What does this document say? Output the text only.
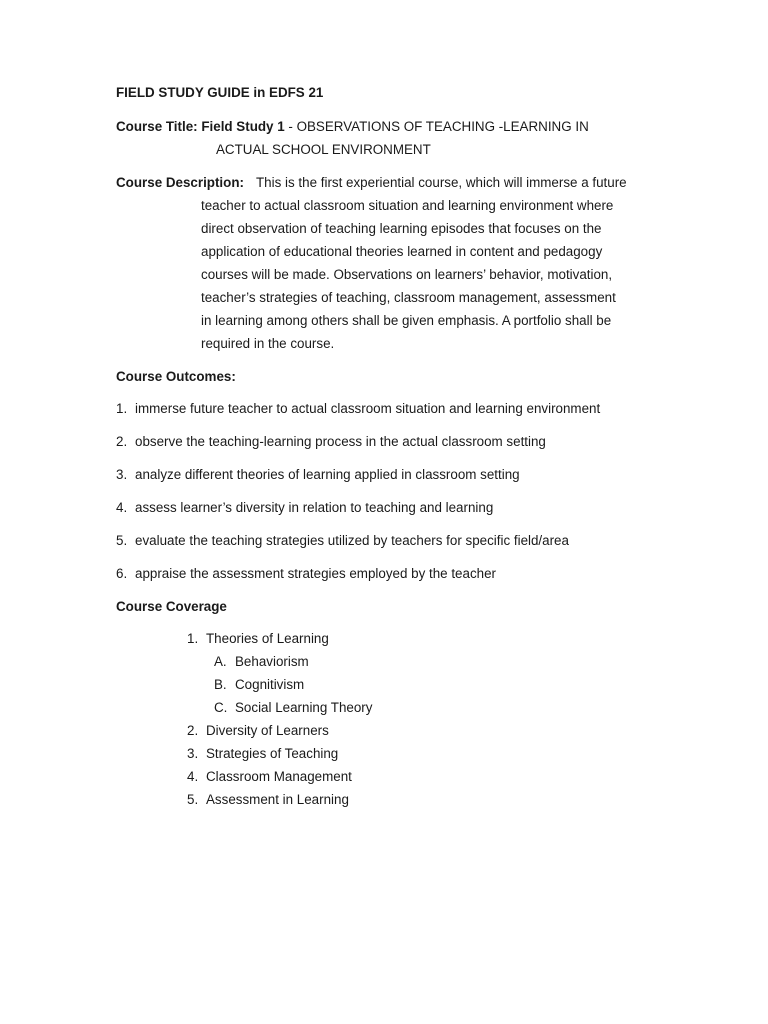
FIELD STUDY GUIDE in EDFS 21
Course Title: Field Study 1 - OBSERVATIONS OF TEACHING -LEARNING IN
ACTUAL SCHOOL ENVIRONMENT
Course Description: This is the first experiential course, which will immerse a future
teacher to actual classroom situation and learning environment where
direct observation of teaching learning episodes that focuses on the
application of educational theories learned in content and pedagogy
courses will be made. Observations on learners’ behavior, motivation,
teacher’s strategies of teaching, classroom management, assessment
in learning among others shall be given emphasis. A portfolio shall be
required in the course.
Course Outcomes:
1. immerse future teacher to actual classroom situation and learning environment
2. observe the teaching-learning process in the actual classroom setting
3. analyze different theories of learning applied in classroom setting
4. assess learner’s diversity in relation to teaching and learning
5. evaluate the teaching strategies utilized by teachers for specific field/area
6. appraise the assessment strategies employed by the teacher
Course Coverage
1. Theories of Learning
A. Behaviorism
B. Cognitivism
C. Social Learning Theory
2. Diversity of Learners
3. Strategies of Teaching
4. Classroom Management
5. Assessment in Learning
